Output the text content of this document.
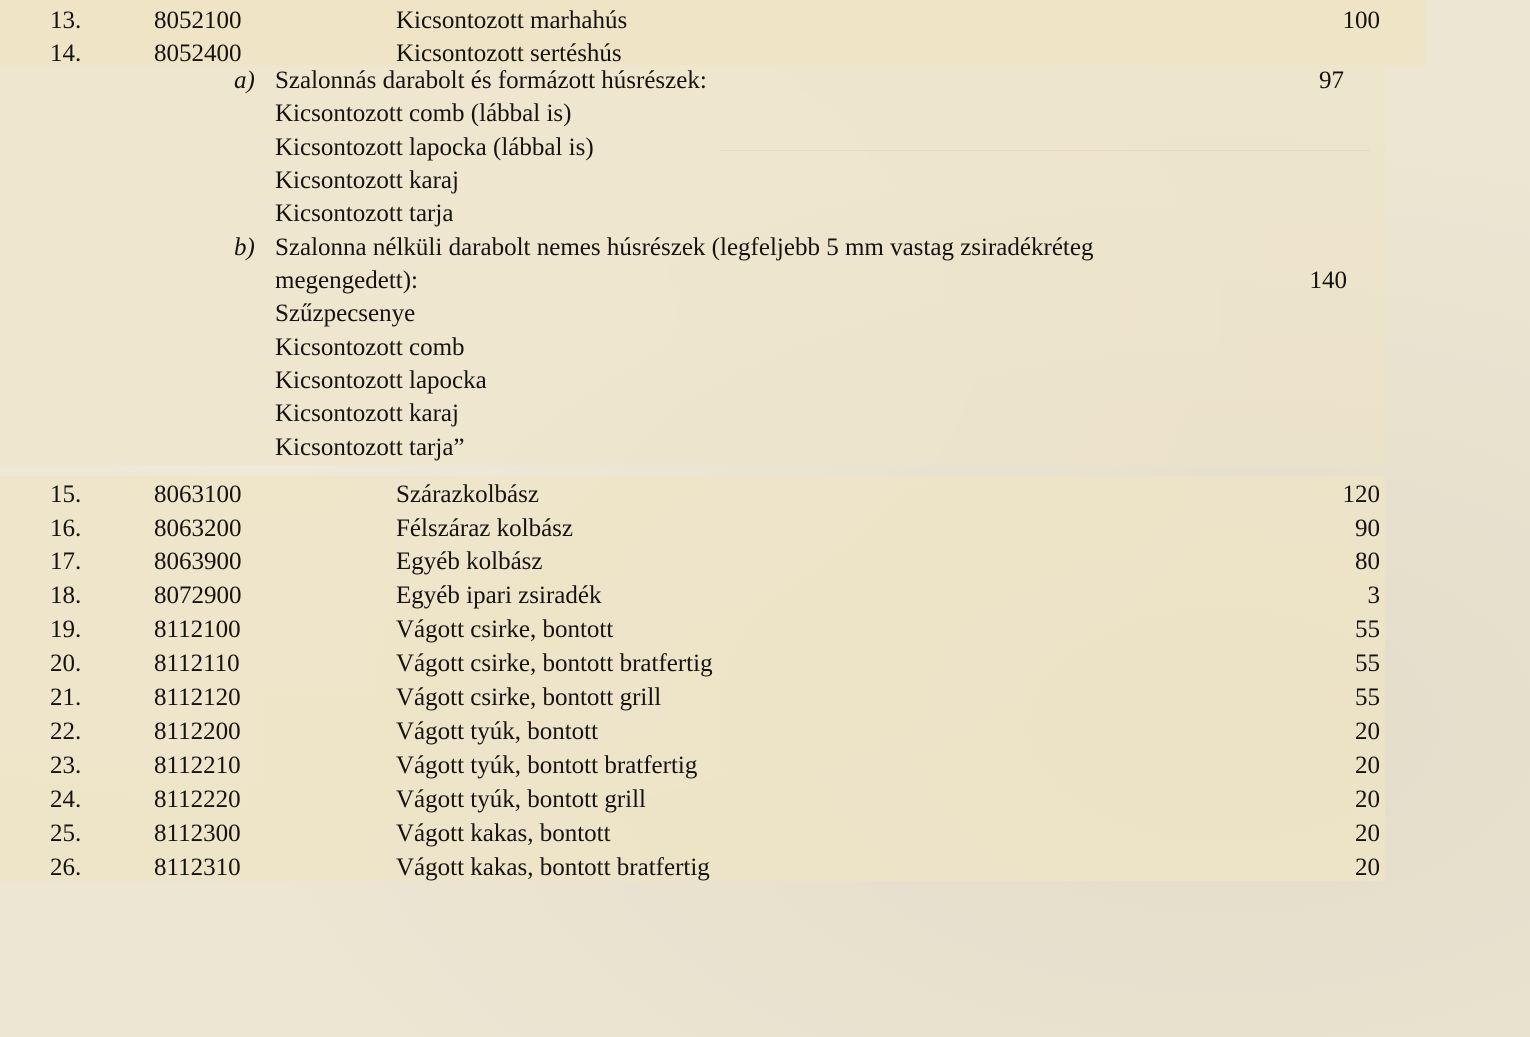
13.	8052100	Kicsontozott marhahús	100
14.	8052400	Kicsontozott sertéshús
a) Szalonnás darabolt és formázott húsrészek:	97
Kicsontozott comb (lábbal is)
Kicsontozott lapocka (lábbal is)
Kicsontozott karaj
Kicsontozott tarja
b) Szalonna nélküli darabolt nemes húsrészek (legfeljebb 5 mm vastag zsiradékréteg
megengedett):	140
Szűzpecsenye
Kicsontozott comb
Kicsontozott lapocka
Kicsontozott karaj
Kicsontozott tarja”
15.	8063100	Szárazkolbász	120
16.	8063200	Félszáraz kolbász	90
17.	8063900	Egyéb kolbász	80
18.	8072900	Egyéb ipari zsiradék	3
19.	8112100	Vágott csirke, bontott	55
20.	8112110	Vágott csirke, bontott bratfertig	55
21.	8112120	Vágott csirke, bontott grill	55
22.	8112200	Vágott tyúk, bontott	20
23.	8112210	Vágott tyúk, bontott bratfertig	20
24.	8112220	Vágott tyúk, bontott grill	20
25.	8112300	Vágott kakas, bontott	20
26.	8112310	Vágott kakas, bontott bratfertig	20
